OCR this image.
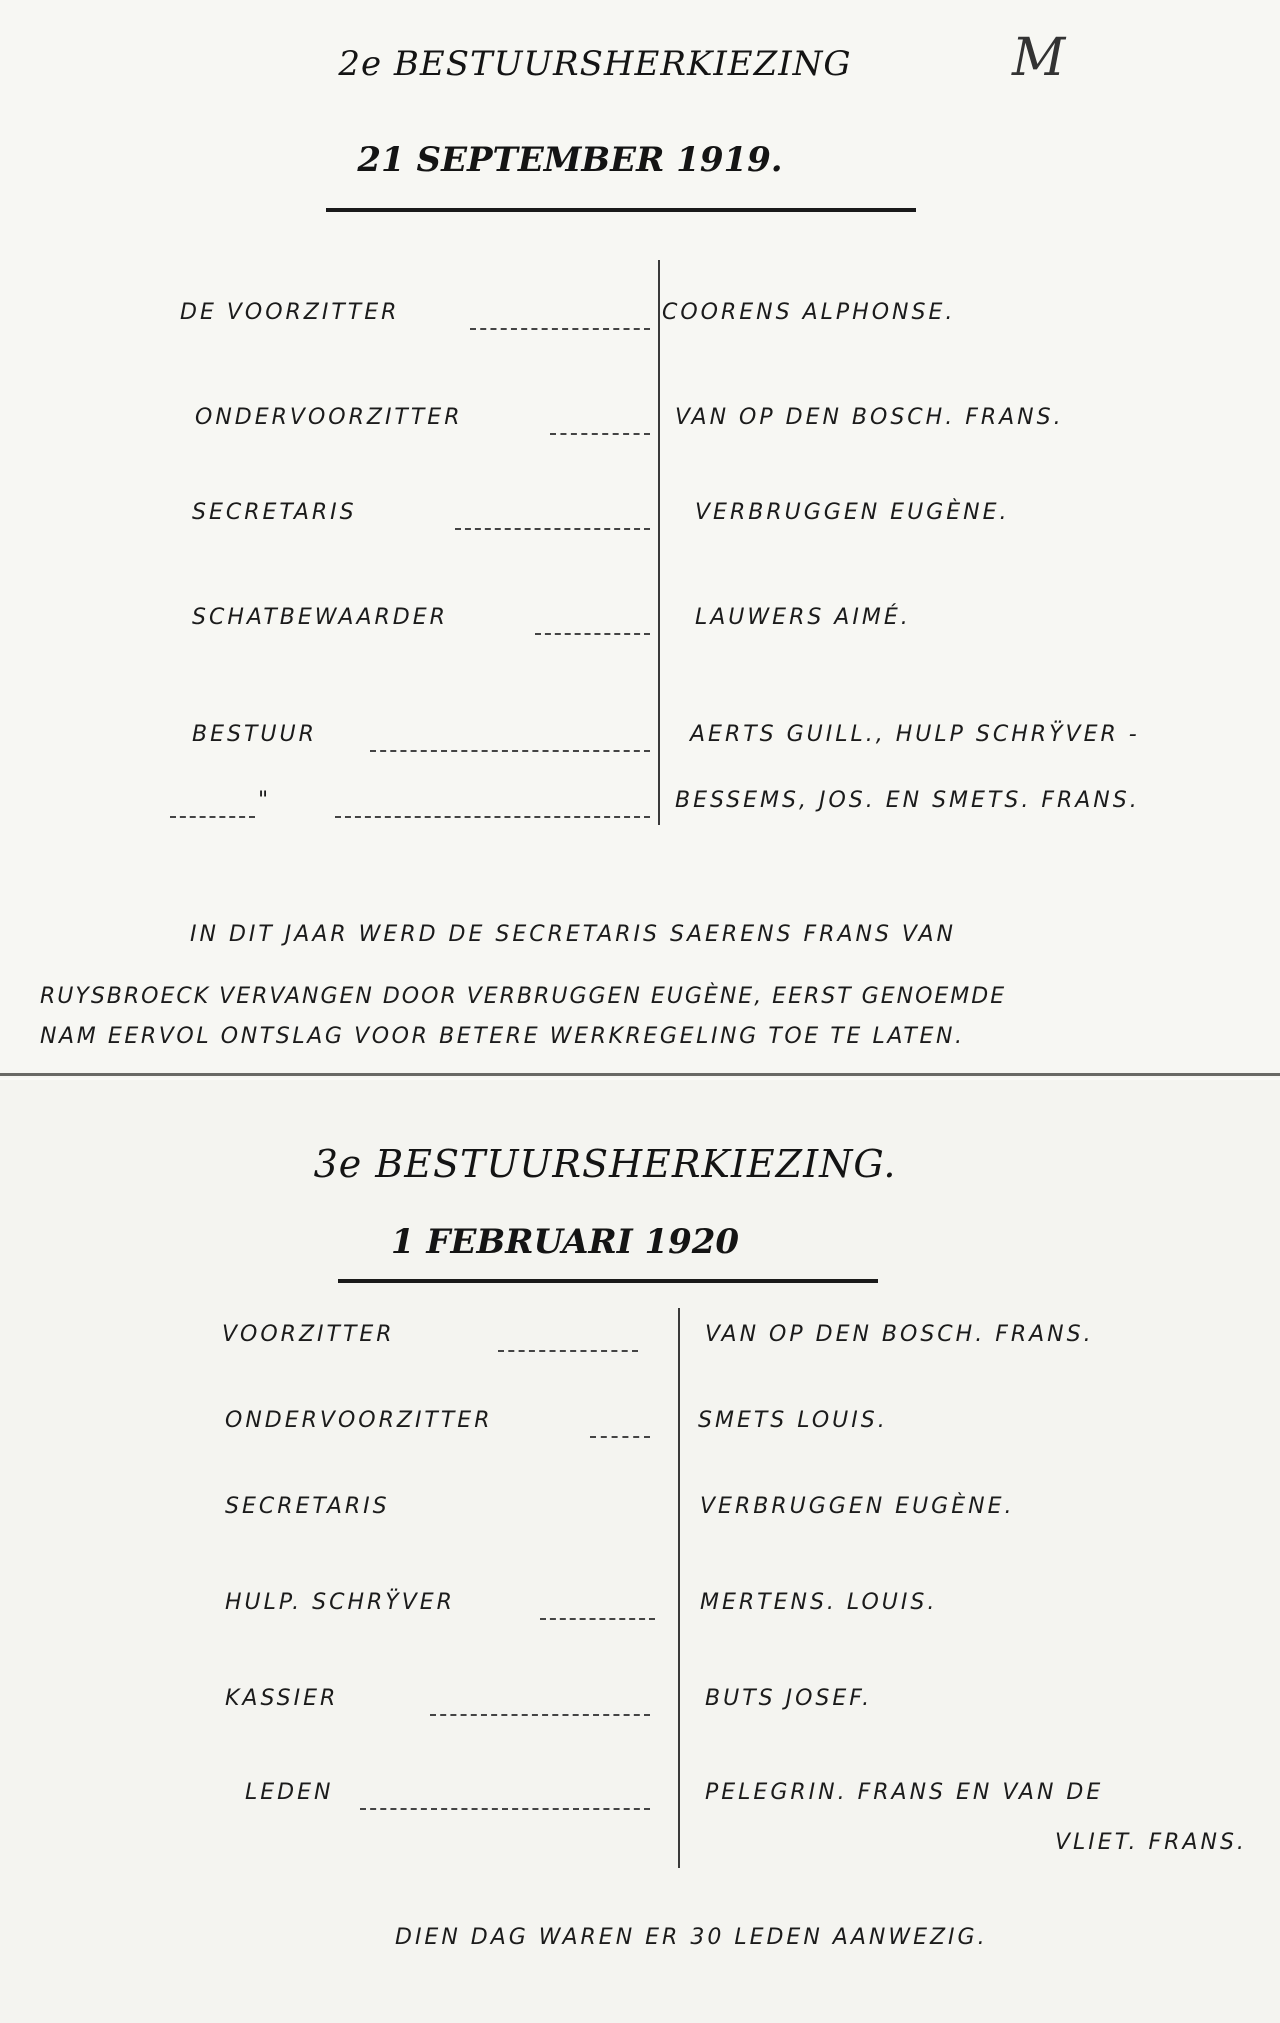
2e BESTUURSHERKIEZING	M
21 SEPTEMBER 1919.
DE VOORZITTER	COORENS ALPHONSE.
ONDERVOORZITTER	VAN OP DEN BOSCH. FRANS.
SECRETARIS	VERBRUGGEN EUGÈNE.
SCHATBEWAARDER	LAUWERS AIMÉ.
BESTUUR	AERTS GUILL., HULP SCHRŸVER -
"	BESSEMS, JOS. EN SMETS. FRANS.
IN DIT JAAR WERD DE SECRETARIS SAERENS FRANS VAN
RUYSBROECK VERVANGEN DOOR VERBRUGGEN EUGÈNE, EERST GENOEMDE
NAM EERVOL ONTSLAG VOOR BETERE WERKREGELING TOE TE LATEN.
3e BESTUURSHERKIEZING.
1 FEBRUARI 1920
VOORZITTER	VAN OP DEN BOSCH. FRANS.
ONDERVOORZITTER	SMETS LOUIS.
SECRETARIS	VERBRUGGEN EUGÈNE.
HULP. SCHRŸVER	MERTENS. LOUIS.
KASSIER	BUTS JOSEF.
LEDEN	PELEGRIN. FRANS EN VAN DE
VLIET. FRANS.
DIEN DAG WAREN ER 30 LEDEN AANWEZIG.
